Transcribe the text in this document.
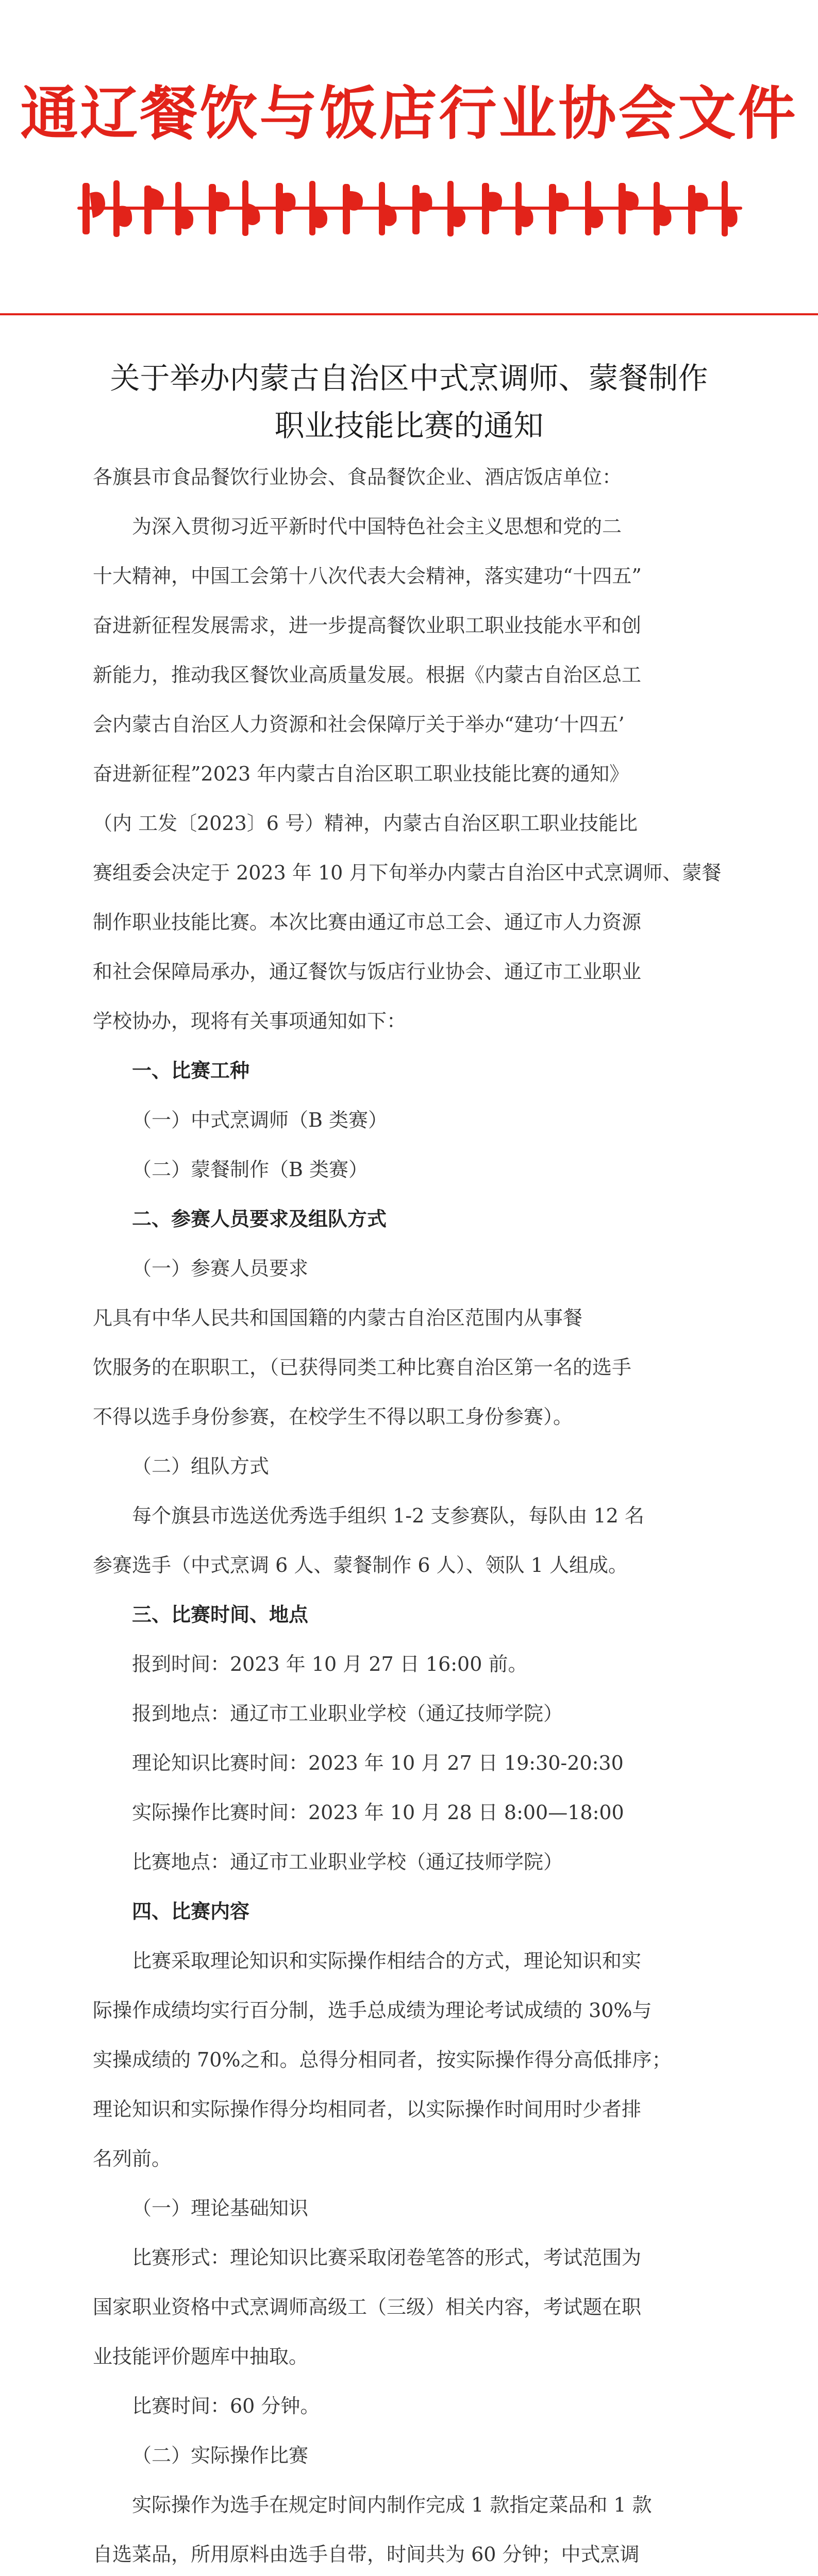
通辽餐饮与饭店行业协会文件
关于举办内蒙古自治区中式烹调师、蒙餐制作
职业技能比赛的通知

各旗县市食品餐饮行业协会、食品餐饮企业、酒店饭店单位：

为深入贯彻习近平新时代中国特色社会主义思想和党的二

十大精神，中国工会第十八次代表大会精神，落实建功“十四五”

奋进新征程发展需求，进一步提高餐饮业职工职业技能水平和创

新能力，推动我区餐饮业高质量发展。根据《内蒙古自治区总工

会内蒙古自治区人力资源和社会保障厅关于举办“建功‘十四五’

奋进新征程”2023 年内蒙古自治区职工职业技能比赛的通知》

（内 工发〔2023〕6 号）精神，内蒙古自治区职工职业技能比

赛组委会决定于 2023 年 10 月下旬举办内蒙古自治区中式烹调师、蒙餐

制作职业技能比赛。本次比赛由通辽市总工会、通辽市人力资源

和社会保障局承办，通辽餐饮与饭店行业协会、通辽市工业职业

学校协办，现将有关事项通知如下：

一、比赛工种

（一）中式烹调师（B 类赛）

（二）蒙餐制作（B 类赛）

二、参赛人员要求及组队方式

（一）参赛人员要求

凡具有中华人民共和国国籍的内蒙古自治区范围内从事餐

饮服务的在职职工，（已获得同类工种比赛自治区第一名的选手

不得以选手身份参赛，在校学生不得以职工身份参赛）。

（二）组队方式

每个旗县市选送优秀选手组织 1-2 支参赛队，每队由 12 名

参赛选手（中式烹调 6 人、蒙餐制作 6 人）、领队 1 人组成。

三、比赛时间、地点

报到时间：2023 年 10 月 27 日 16:00 前。

报到地点：通辽市工业职业学校（通辽技师学院）

理论知识比赛时间：2023 年 10 月 27 日 19:30-20:30

实际操作比赛时间：2023 年 10 月 28 日 8:00—18:00

比赛地点：通辽市工业职业学校（通辽技师学院）

四、比赛内容

比赛采取理论知识和实际操作相结合的方式，理论知识和实

际操作成绩均实行百分制，选手总成绩为理论考试成绩的 30%与

实操成绩的 70%之和。总得分相同者，按实际操作得分高低排序；

理论知识和实际操作得分均相同者，以实际操作时间用时少者排

名列前。

（一）理论基础知识

比赛形式：理论知识比赛采取闭卷笔答的形式，考试范围为

国家职业资格中式烹调师高级工（三级）相关内容，考试题在职

业技能评价题库中抽取。

比赛时间：60 分钟。

（二）实际操作比赛

实际操作为选手在规定时间内制作完成 1 款指定菜品和 1 款

自选菜品，所用原料由选手自带，时间共为 60 分钟；中式烹调
